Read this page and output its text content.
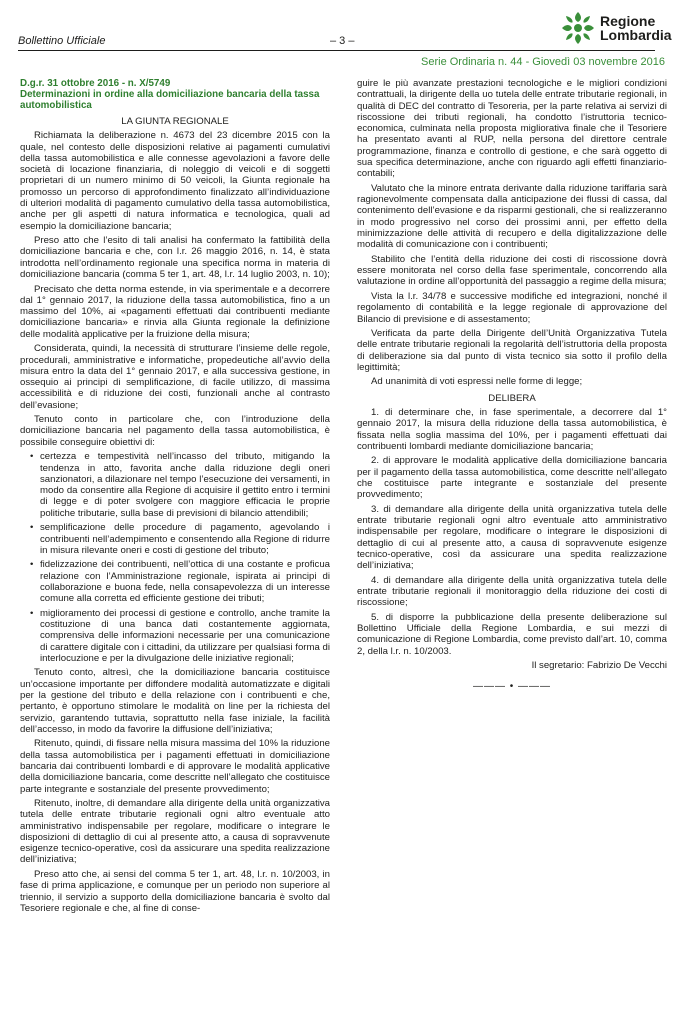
Bollettino Ufficiale	– 3 –
Serie Ordinaria n. 44 - Giovedì 03 novembre 2016
Regione
Lombardia
D.g.r. 31 ottobre 2016 - n. X/5749
Determinazioni in ordine alla domiciliazione bancaria della tassa automobilistica
LA GIUNTA REGIONALE
Richiamata la deliberazione n. 4673 del 23 dicembre 2015 con la quale, nel contesto delle disposizioni relative ai pagamenti cumulativi della tassa automobilistica e alle connesse agevolazioni a favore delle società di locazione finanziaria, di noleggio di veicoli e di soggetti proprietari di un numero minimo di 50 veicoli, la Giunta regionale ha promosso un percorso di approfondimento finalizzato all’individuazione di ulteriori modalità di pagamento cumulativo della tassa automobilistica, anche per gli aspetti di natura informatica e tecnologica, quali ad esempio la domiciliazione bancaria;
Preso atto che l’esito di tali analisi ha confermato la fattibilità della domiciliazione bancaria e che, con l.r. 26 maggio 2016, n. 14, è stata introdotta nell’ordinamento regionale una specifica norma in materia di domiciliazione bancaria (comma 5 ter 1, art. 48, l.r. 14 luglio 2003, n. 10);
Precisato che detta norma estende, in via sperimentale e a decorrere dal 1° gennaio 2017, la riduzione della tassa automobilistica, fino a un massimo del 10%, ai «pagamenti effettuati dai contribuenti mediante domiciliazione bancaria» e rinvia alla Giunta regionale la definizione delle modalità applicative per la fruizione della misura;
Considerata, quindi, la necessità di strutturare l’insieme delle regole, procedurali, amministrative e informatiche, propedeutiche all’avvio della misura entro la data del 1° gennaio 2017, e alla successiva gestione, in ossequio ai principi di semplificazione, di facile utilizzo, di massima accessibilità e di riduzione dei costi, funzionali anche al contrasto dell’evasione;
Tenuto conto in particolare che, con l’introduzione della domiciliazione bancaria nel pagamento della tassa automobilistica, è possibile conseguire obiettivi di:
• certezza e tempestività nell’incasso del tributo, mitigando la tendenza in atto, favorita anche dalla riduzione degli oneri sanzionatori, a dilazionare nel tempo l’esecuzione dei versamenti, in modo da consentire alla Regione di acquisire il gettito entro i termini di legge e di poter svolgere con maggiore efficacia le proprie politiche tributarie, sulla base di previsioni di bilancio attendibili;
• semplificazione delle procedure di pagamento, agevolando i contribuenti nell’adempimento e consentendo alla Regione di ridurre in misura rilevante oneri e costi di gestione del tributo;
• fidelizzazione dei contribuenti, nell’ottica di una costante e proficua relazione con l’Amministrazione regionale, ispirata ai principi di collaborazione e buona fede, nella consapevolezza di un interesse comune alla corretta ed efficiente gestione dei tributi;
• miglioramento dei processi di gestione e controllo, anche tramite la costituzione di una banca dati costantemente aggiornata, comprensiva delle informazioni necessarie per una comunicazione di carattere digitale con i cittadini, da utilizzare per qualsiasi forma di interlocuzione e per la divulgazione delle iniziative regionali;
Tenuto conto, altresì, che la domiciliazione bancaria costituisce un’occasione importante per diffondere modalità automatizzate e digitali per la gestione del tributo e della relazione con i contribuenti e che, pertanto, è opportuno stimolare le modalità on line per la richiesta del servizio, garantendo tuttavia, soprattutto nella fase iniziale, la facilità dell’accesso, in modo da favorire la diffusione dell’iniziativa;
Ritenuto, quindi, di fissare nella misura massima del 10% la riduzione della tassa automobilistica per i pagamenti effettuati in domiciliazione bancaria dai contribuenti lombardi e di approvare le modalità applicative della domiciliazione bancaria, come descritte nell’allegato che costituisce parte integrante e sostanziale del presente provvedimento;
Ritenuto, inoltre, di demandare alla dirigente della unità organizzativa tutela delle entrate tributarie regionali ogni altro eventuale atto amministrativo indispensabile per regolare, modificare o integrare le disposizioni di dettaglio di cui al presente atto, a causa di sopravvenute esigenze tecnico-operative, così da assicurare una spedita realizzazione dell’iniziativa;
Preso atto che, ai sensi del comma 5 ter 1, art. 48, l.r. n. 10/2003, in fase di prima applicazione, e comunque per un periodo non superiore al triennio, il servizio a supporto della domiciliazione bancaria è svolto dal Tesoriere regionale e che, al fine di conse-
guire le più avanzate prestazioni tecnologiche e le migliori condizioni contrattuali, la dirigente della uo tutela delle entrate tributarie regionali, in qualità di DEC del contratto di Tesoreria, per la parte relativa ai servizi di riscossione dei tributi regionali, ha condotto l’istruttoria tecnico-economica, culminata nella proposta migliorativa finale che il Tesoriere ha presentato avanti al RUP, nella persona del direttore centrale programmazione, finanza e controllo di gestione, e che sarà oggetto di sua specifica determinazione, anche con riguardo agli effetti finanziario-contabili;
Valutato che la minore entrata derivante dalla riduzione tariffaria sarà ragionevolmente compensata dalla anticipazione dei flussi di cassa, dal contenimento dell’evasione e da risparmi gestionali, che si realizzeranno in modo progressivo nel corso dei prossimi anni, per effetto della minimizzazione delle attività di recupero e della digitalizzazione delle modalità di comunicazione con i contribuenti;
Stabilito che l’entità della riduzione dei costi di riscossione dovrà essere monitorata nel corso della fase sperimentale, concorrendo alla valutazione in ordine all’opportunità del passaggio a regime della misura;
Vista la l.r. 34/78 e successive modifiche ed integrazioni, nonché il regolamento di contabilità e la legge regionale di approvazione del Bilancio di previsione e di assestamento;
Verificata da parte della Dirigente dell’Unità Organizzativa Tutela delle entrate tributarie regionali la regolarità dell’istruttoria della proposta di deliberazione sia dal punto di vista tecnico sia sotto il profilo della legittimità;
Ad unanimità di voti espressi nelle forme di legge;
DELIBERA
1. di determinare che, in fase sperimentale, a decorrere dal 1° gennaio 2017, la misura della riduzione della tassa automobilistica, è fissata nella soglia massima del 10%, per i pagamenti effettuati dai contribuenti lombardi mediante domiciliazione bancaria;
2. di approvare le modalità applicative della domiciliazione bancaria per il pagamento della tassa automobilistica, come descritte nell’allegato che costituisce parte integrante e sostanziale del presente provvedimento;
3. di demandare alla dirigente della unità organizzativa tutela delle entrate tributarie regionali ogni altro eventuale atto amministrativo indispensabile per regolare, modificare o integrare le disposizioni di dettaglio di cui al presente atto, a causa di sopravvenute esigenze tecnico-operative, così da assicurare una spedita realizzazione dell’iniziativa;
4. di demandare alla dirigente della unità organizzativa tutela delle entrate tributarie regionali il monitoraggio della riduzione dei costi di riscossione;
5. di disporre la pubblicazione della presente deliberazione sul Bollettino Ufficiale della Regione Lombardia, e sui mezzi di comunicazione di Regione Lombardia, come previsto dall’art. 10, comma 2, della l.r. n. 10/2003.
Il segretario: Fabrizio De Vecchi
——— • ———
